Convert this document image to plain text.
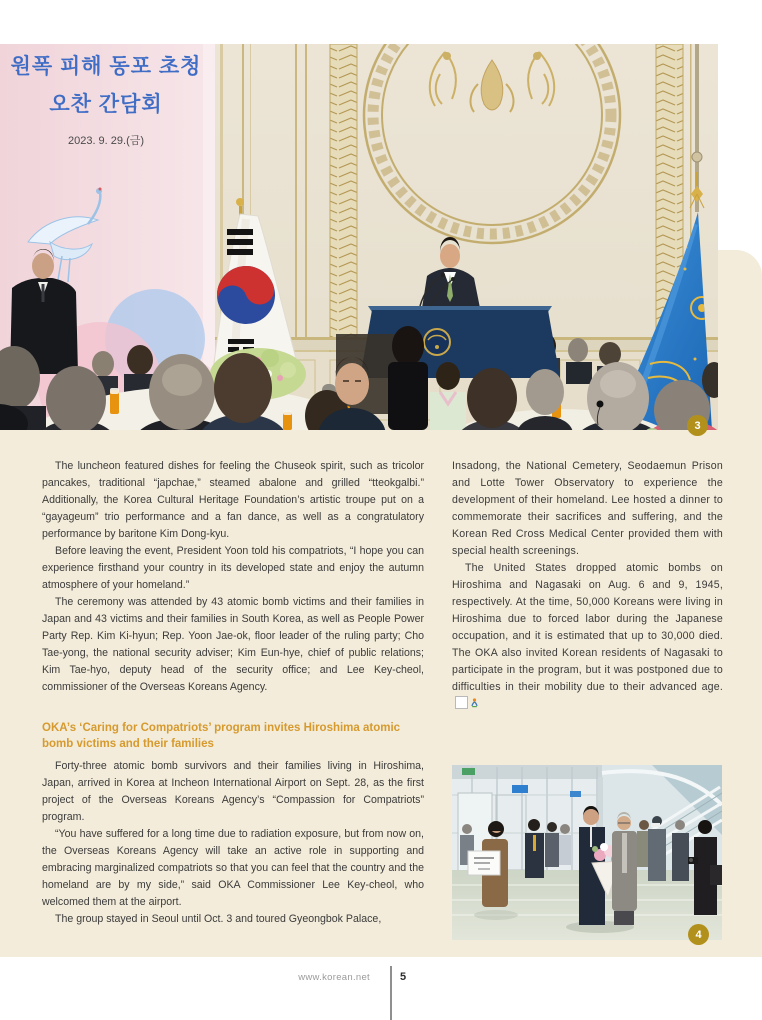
원폭 피해 동포 초청
오찬 간담회
2023. 9. 29.(금)
3

The luncheon featured dishes for feeling the Chuseok spirit, such as tricolor pancakes, traditional “japchae,” steamed abalone and grilled “tteokgalbi.” Additionally, the Korea Cultural Heritage Foundation’s artistic troupe put on a “gayageum” trio performance and a fan dance, as well as a congratulatory performance by baritone Kim Dong-kyu.

Before leaving the event, President Yoon told his compatriots, “I hope you can experience firsthand your country in its developed state and enjoy the autumn atmosphere of your homeland.”

The ceremony was attended by 43 atomic bomb victims and their families in Japan and 43 victims and their families in South Korea, as well as People Power Party Rep. Kim Ki-hyun; Rep. Yoon Jae-ok, floor leader of the ruling party; Cho Tae-yong, the national security adviser; Kim Eun-hye, chief of public relations; Kim Tae-hyo, deputy head of the security office; and Lee Key-cheol, commissioner of the Overseas Koreans Agency.

OKA’s ‘Caring for Compatriots’ program invites Hiroshima atomic bomb victims and their families

Forty-three atomic bomb survivors and their families living in Hiroshima, Japan, arrived in Korea at Incheon International Airport on Sept. 28, as the first project of the Overseas Koreans Agency’s “Compassion for Compatriots” program.

“You have suffered for a long time due to radiation exposure, but from now on, the Overseas Koreans Agency will take an active role in supporting and embracing marginalized compatriots so that you can feel that the country and the homeland are by my side,” said OKA Commissioner Lee Key-cheol, who welcomed them at the airport.

The group stayed in Seoul until Oct. 3 and toured Gyeongbok Palace,

Insadong, the National Cemetery, Seodaemun Prison and Lotte Tower Observatory to experience the development of their homeland. Lee hosted a dinner to commemorate their sacrifices and suffering, and the Korean Red Cross Medical Center provided them with special health screenings.

The United States dropped atomic bombs on Hiroshima and Nagasaki on Aug. 6 and 9, 1945, respectively. At the time, 50,000 Koreans were living in Hiroshima due to forced labor during the Japanese occupation, and it is estimated that up to 30,000 died. The OKA also invited Korean residents of Nagasaki to participate in the program, but it was postponed due to difficulties in their mobility due to their advanced age.

4
www.korean.net	5
